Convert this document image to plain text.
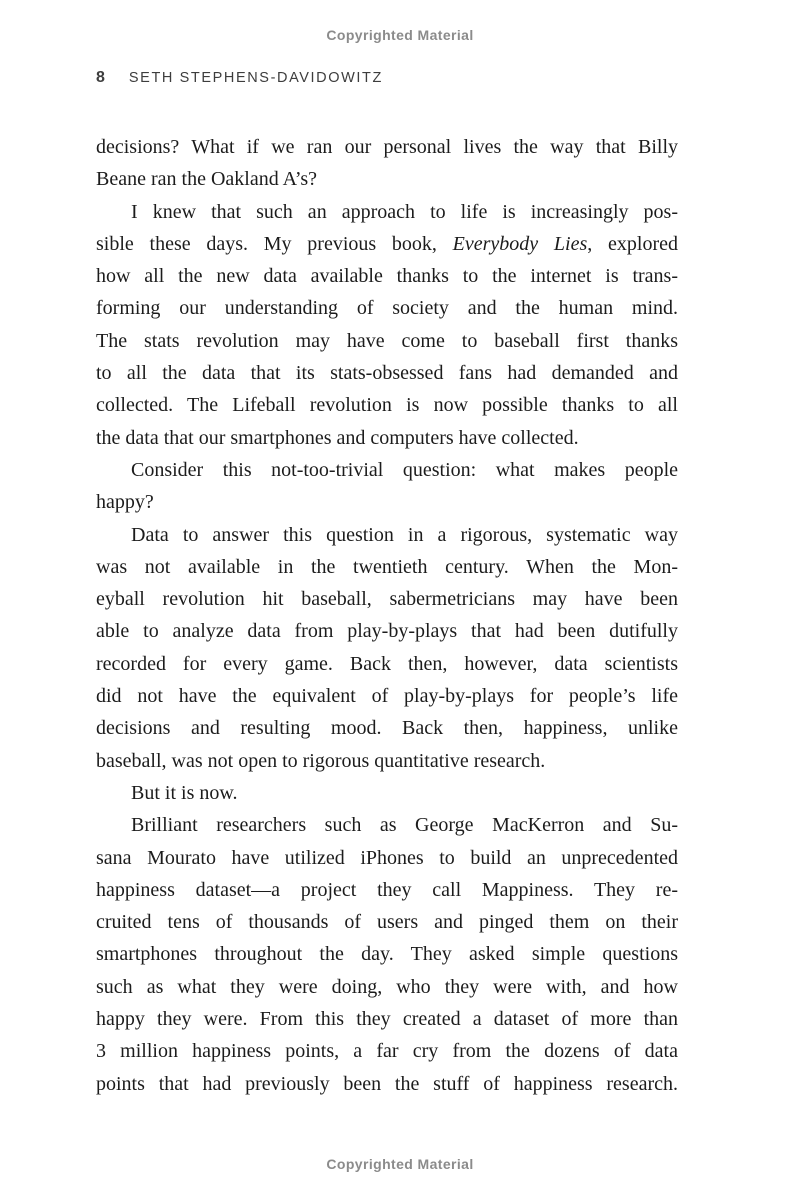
Copyrighted Material
8 SETH STEPHENS-DAVIDOWITZ
decisions? What if we ran our personal lives the way that Billy
Beane ran the Oakland A’s?
I knew that such an approach to life is increasingly pos-
sible these days. My previous book, Everybody Lies, explored
how all the new data available thanks to the internet is trans-
forming our understanding of society and the human mind.
The stats revolution may have come to baseball first thanks
to all the data that its stats-obsessed fans had demanded and
collected. The Lifeball revolution is now possible thanks to all
the data that our smartphones and computers have collected.
Consider this not-too-trivial question: what makes people
happy?
Data to answer this question in a rigorous, systematic way
was not available in the twentieth century. When the Mon-
eyball revolution hit baseball, sabermetricians may have been
able to analyze data from play-by-plays that had been dutifully
recorded for every game. Back then, however, data scientists
did not have the equivalent of play-by-plays for people’s life
decisions and resulting mood. Back then, happiness, unlike
baseball, was not open to rigorous quantitative research.
But it is now.
Brilliant researchers such as George MacKerron and Su-
sana Mourato have utilized iPhones to build an unprecedented
happiness dataset—a project they call Mappiness. They re-
cruited tens of thousands of users and pinged them on their
smartphones throughout the day. They asked simple questions
such as what they were doing, who they were with, and how
happy they were. From this they created a dataset of more than
3 million happiness points, a far cry from the dozens of data
points that had previously been the stuff of happiness research.
Copyrighted Material
